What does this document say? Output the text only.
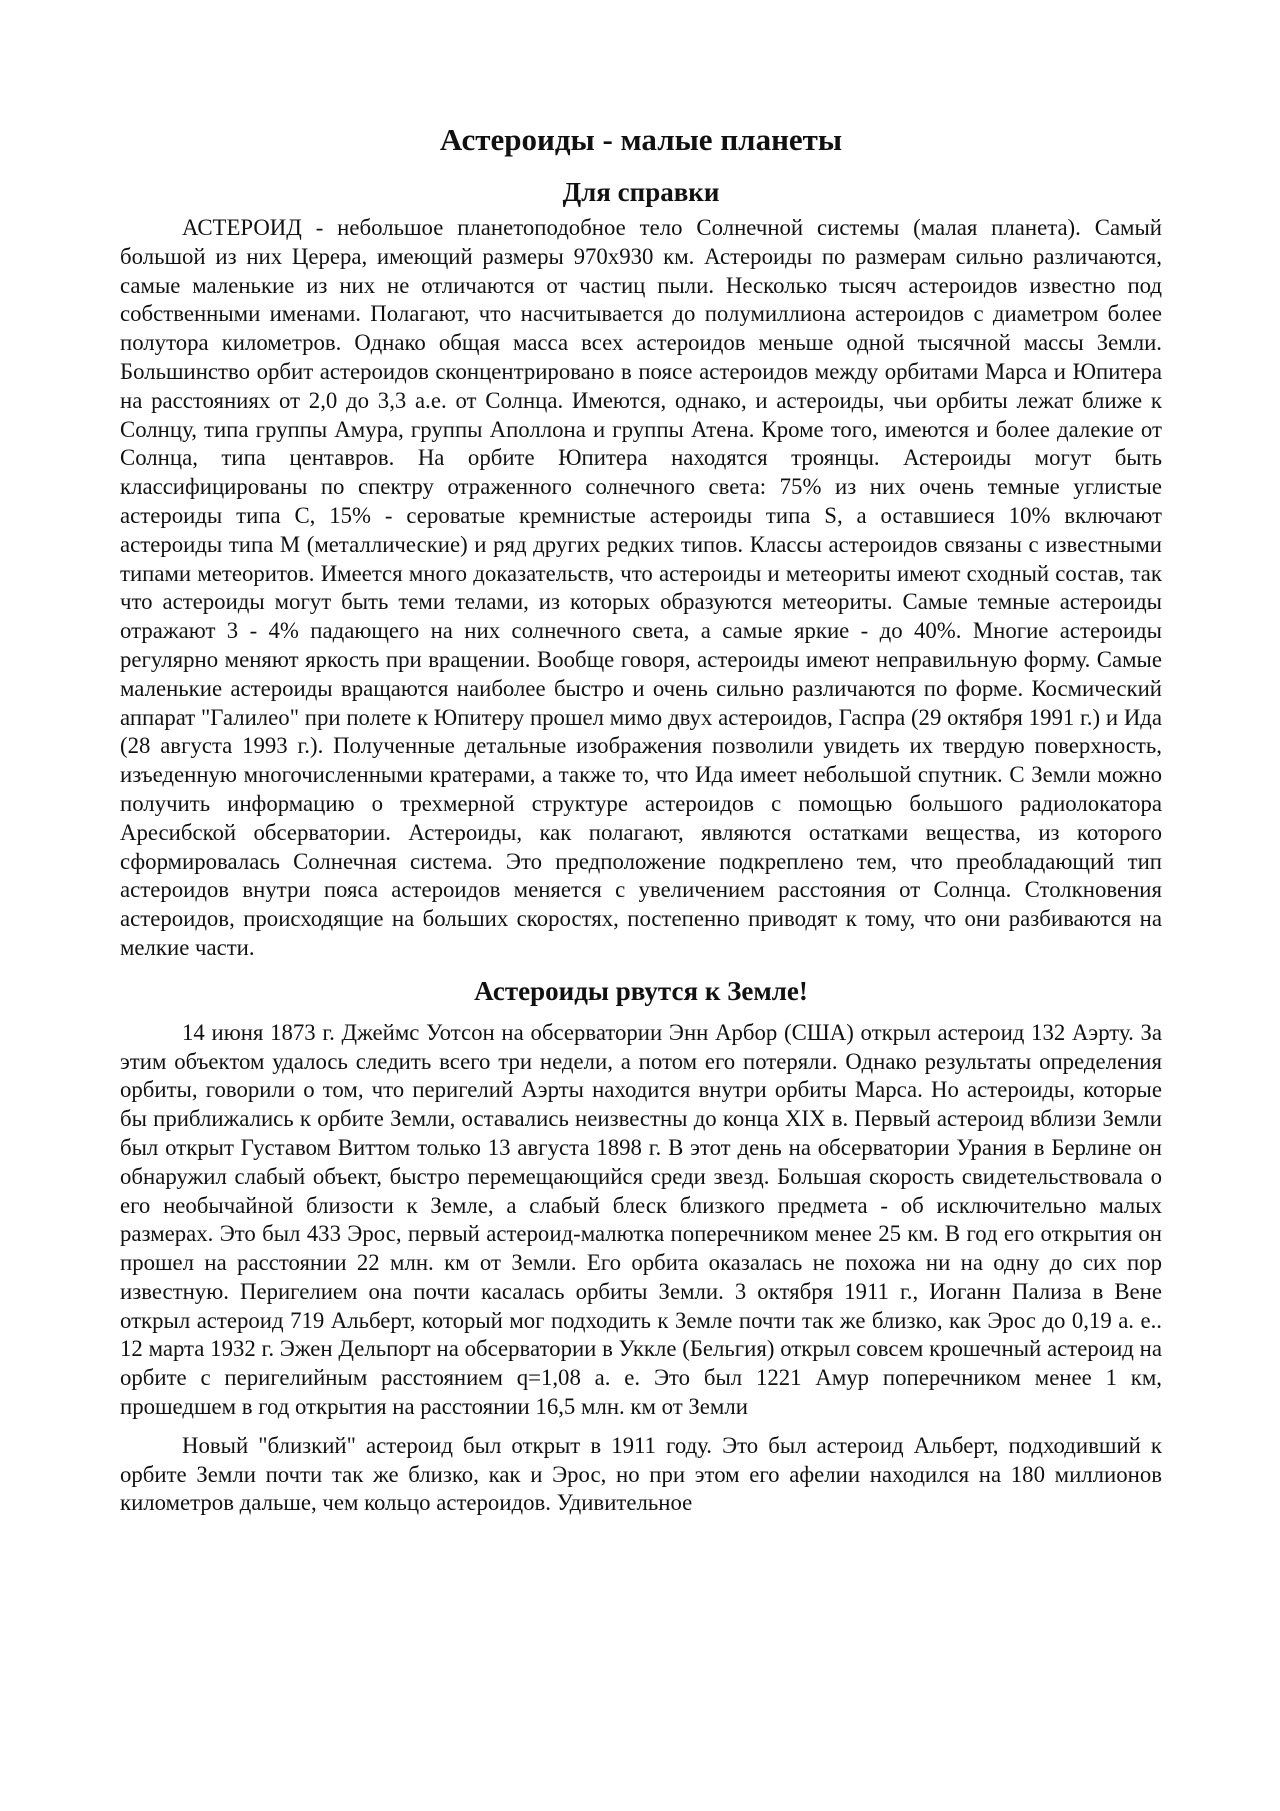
Астероиды - малые планеты
Для справки

АСТЕРОИД - небольшое планетоподобное тело Солнечной системы (малая планета). Самый большой из них Церера, имеющий размеры 970х930 км. Астероиды по размерам сильно различаются, самые маленькие из них не отличаются от частиц пыли. Несколько тысяч астероидов известно под собственными именами. Полагают, что насчитывается до полумиллиона астероидов с диаметром более полутора километров. Однако общая масса всех астероидов меньше одной тысячной массы Земли. Большинство орбит астероидов сконцентрировано в поясе астероидов между орбитами Марса и Юпитера на расстояниях от 2,0 до 3,3 а.е. от Солнца. Имеются, однако, и астероиды, чьи орбиты лежат ближе к Солнцу, типа группы Амура, группы Аполлона и группы Атена. Кроме того, имеются и более далекие от Солнца, типа центавров. На орбите Юпитера находятся троянцы. Астероиды могут быть классифицированы по спектру отраженного солнечного света: 75% из них очень темные углистые астероиды типа С, 15% - сероватые кремнистые астероиды типа S, а оставшиеся 10% включают астероиды типа М (металлические) и ряд других редких типов. Классы астероидов связаны с известными типами метеоритов. Имеется много доказательств, что астероиды и метеориты имеют сходный состав, так что астероиды могут быть теми телами, из которых образуются метеориты. Самые темные астероиды отражают 3 - 4% падающего на них солнечного света, а самые яркие - до 40%. Многие астероиды регулярно меняют яркость при вращении. Вообще говоря, астероиды имеют неправильную форму. Самые маленькие астероиды вращаются наиболее быстро и очень сильно различаются по форме. Космический аппарат "Галилео" при полете к Юпитеру прошел мимо двух астероидов, Гаспра (29 октября 1991 г.) и Ида (28 августа 1993 г.). Полученные детальные изображения позволили увидеть их твердую поверхность, изъеденную многочисленными кратерами, а также то, что Ида имеет небольшой спутник. С Земли можно получить информацию о трехмерной структуре астероидов с помощью большого радиолокатора Аресибской обсерватории. Астероиды, как полагают, являются остатками вещества, из которого сформировалась Солнечная система. Это предположение подкреплено тем, что преобладающий тип астероидов внутри пояса астероидов меняется с увеличением расстояния от Солнца. Столкновения астероидов, происходящие на больших скоростях, постепенно приводят к тому, что они разбиваются на мелкие части.

Астероиды рвутся к Земле!

14 июня 1873 г. Джеймс Уотсон на обсерватории Энн Арбор (США) открыл астероид 132 Аэрту. За этим объектом удалось следить всего три недели, а потом его потеряли. Однако результаты определения орбиты, говорили о том, что перигелий Аэрты находится внутри орбиты Марса. Но астероиды, которые бы приближались к орбите Земли, оставались неизвестны до конца XIX в. Первый астероид вблизи Земли был открыт Густавом Виттом только 13 августа 1898 г. В этот день на обсерватории Урания в Берлине он обнаружил слабый объект, быстро перемещающийся среди звезд. Большая скорость свидетельствовала о его необычайной близости к Земле, а слабый блеск близкого предмета - об исключительно малых размерах. Это был 433 Эрос, первый астероид-малютка поперечником менее 25 км. В год его открытия он прошел на расстоянии 22 млн. км от Земли. Его орбита оказалась не похожа ни на одну до сих пор известную. Перигелием она почти касалась орбиты Земли. 3 октября 1911 г., Иоганн Пализа в Вене открыл астероид 719 Альберт, который мог подходить к Земле почти так же близко, как Эрос до 0,19 а. е.. 12 марта 1932 г. Эжен Дельпорт на обсерватории в Уккле (Бельгия) открыл совсем крошечный астероид на орбите с перигелийным расстоянием q=1,08 а. е. Это был 1221 Амур поперечником менее 1 км, прошедшем в год открытия на расстоянии 16,5 млн. км от Земли

Новый "близкий" астероид был открыт в 1911 году. Это был астероид Альберт, подходивший к орбите Земли почти так же близко, как и Эрос, но при этом его афелии находился на 180 миллионов километров дальше, чем кольцо астероидов. Удивительное
